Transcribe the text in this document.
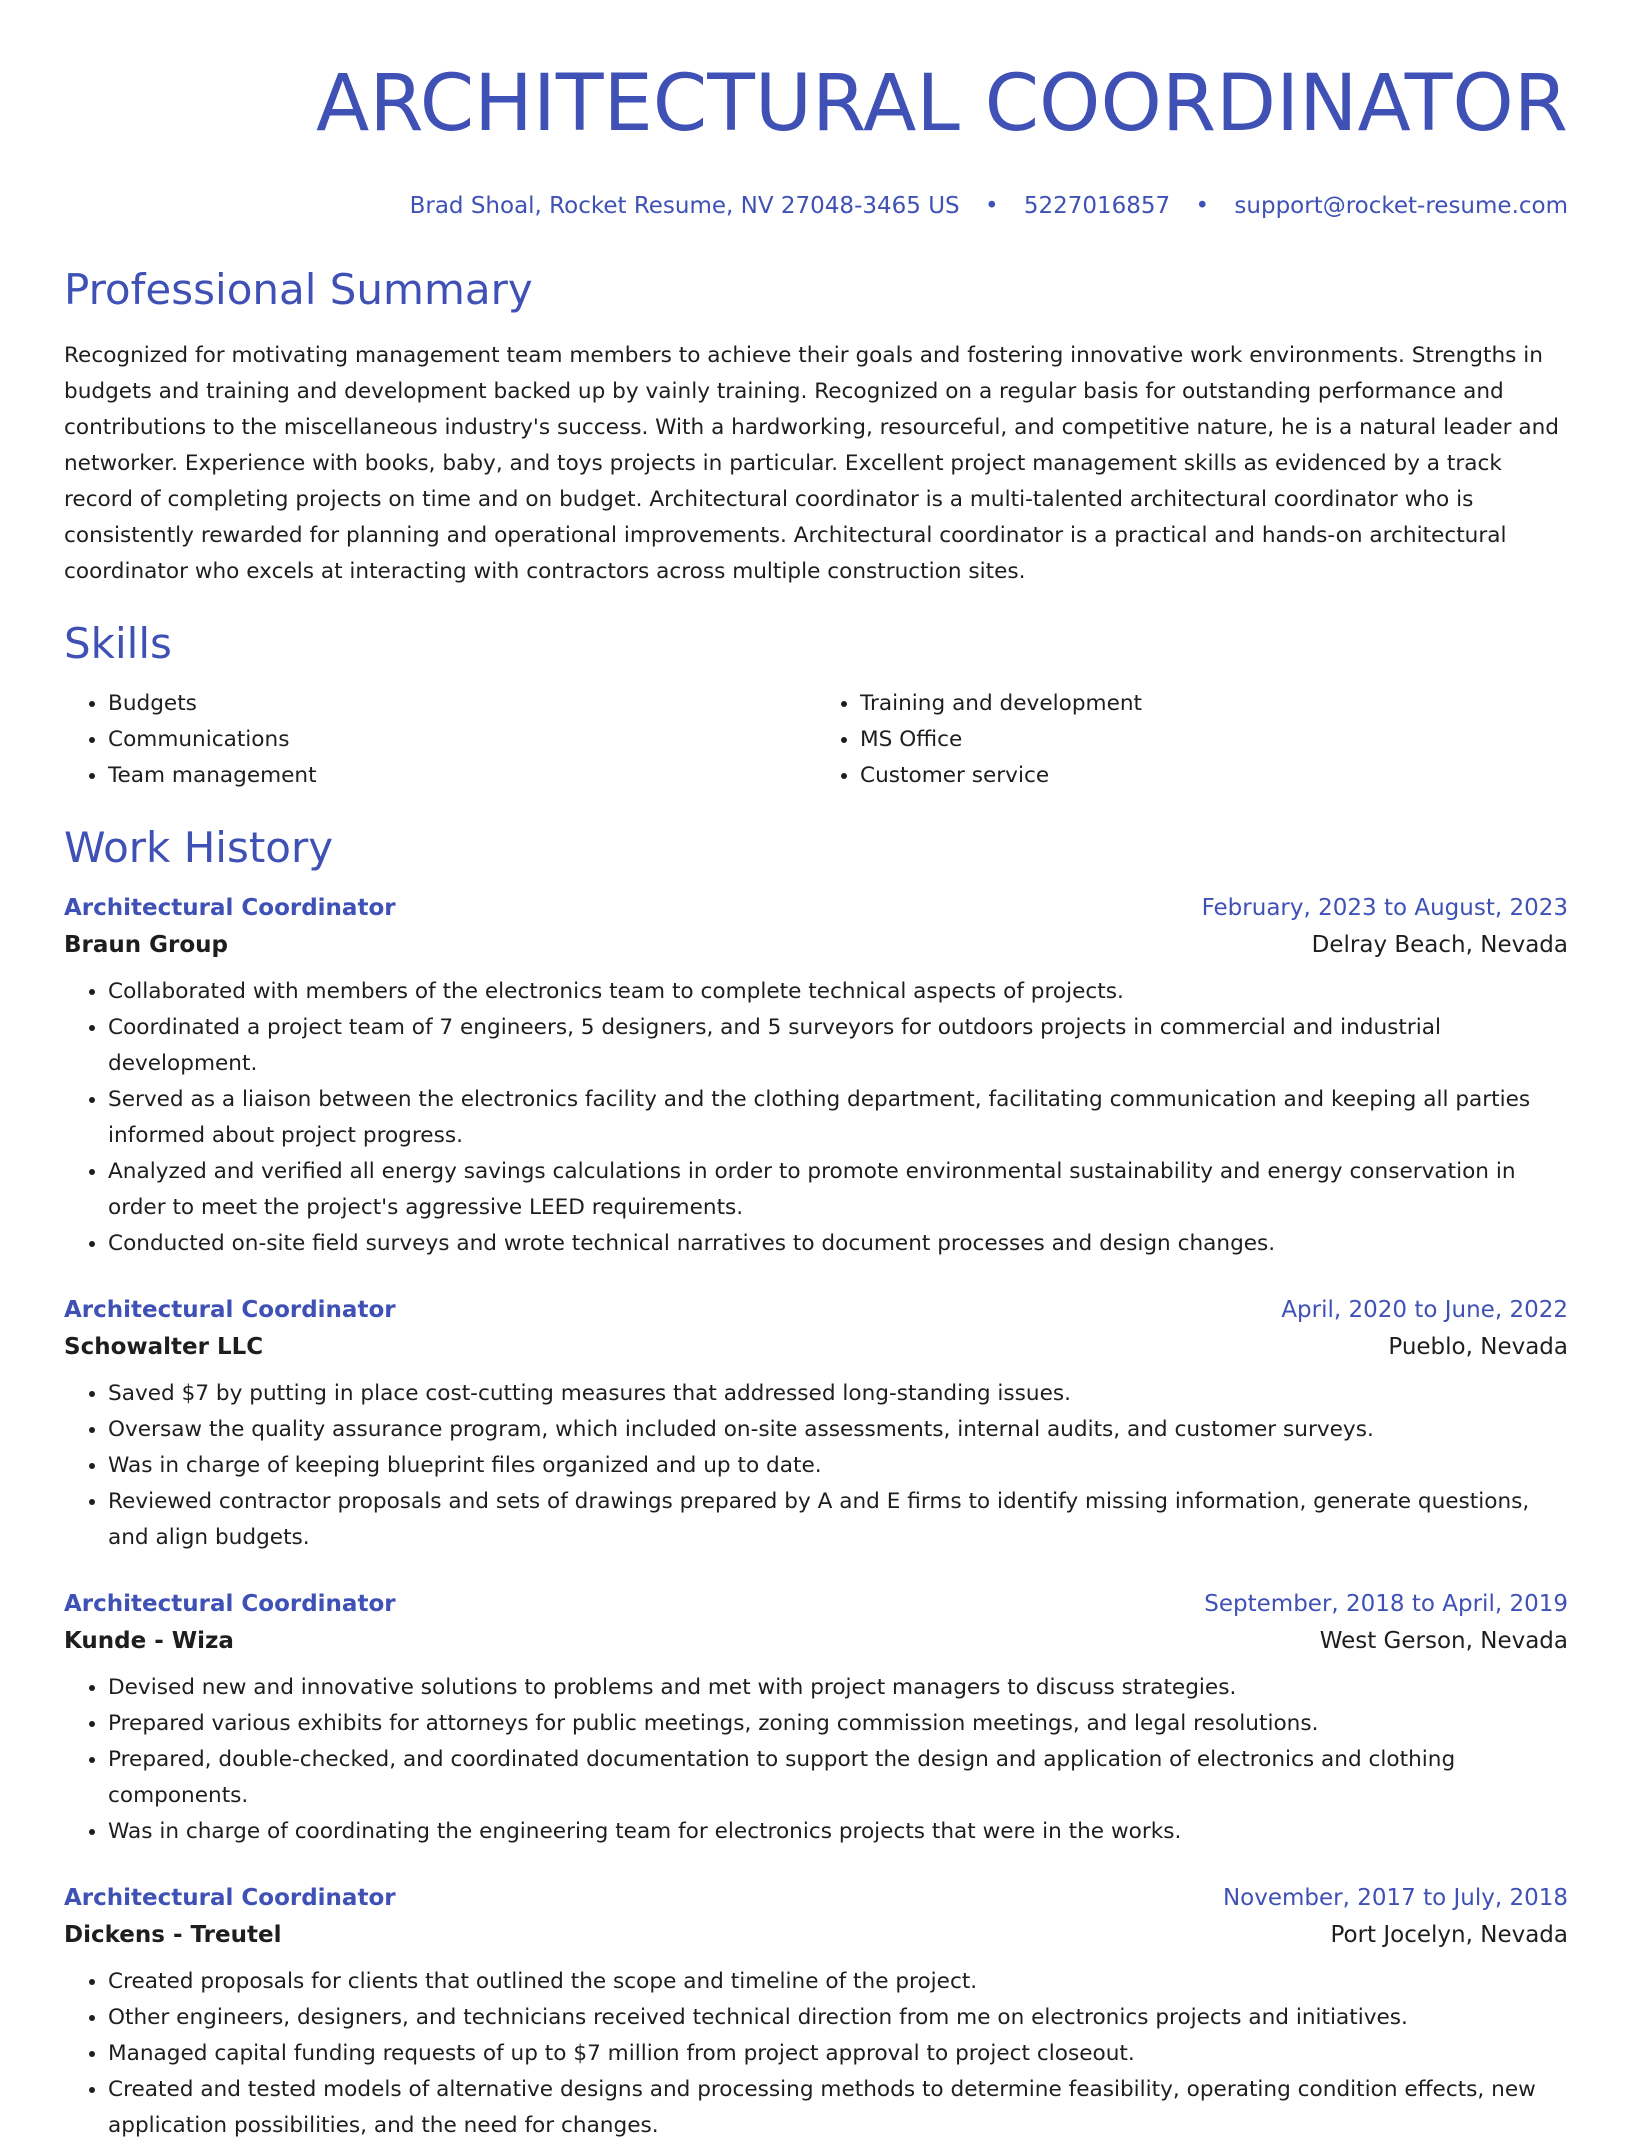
ARCHITECTURAL COORDINATOR
Brad Shoal, Rocket Resume, NV 27048-3465 US • 5227016857 • support@rocket-resume.com
Professional Summary

Recognized for motivating management team members to achieve their goals and fostering innovative work environments. Strengths in budgets and training and development backed up by vainly training. Recognized on a regular basis for outstanding performance and contributions to the miscellaneous industry's success. With a hardworking, resourceful, and competitive nature, he is a natural leader and networker. Experience with books, baby, and toys projects in particular. Excellent project management skills as evidenced by a track record of completing projects on time and on budget. Architectural coordinator is a multi-talented architectural coordinator who is consistently rewarded for planning and operational improvements. Architectural coordinator is a practical and hands-on architectural coordinator who excels at interacting with contractors across multiple construction sites.

Skills
• Budgets
• Communications
• Team management
• Training and development
• MS Office
• Customer service
Work History
Architectural Coordinator	February, 2023 to August, 2023
Braun Group	Delray Beach, Nevada
• Collaborated with members of the electronics team to complete technical aspects of projects.
• Coordinated a project team of 7 engineers, 5 designers, and 5 surveyors for outdoors projects in commercial and industrial development.
• Served as a liaison between the electronics facility and the clothing department, facilitating communication and keeping all parties informed about project progress.
• Analyzed and verified all energy savings calculations in order to promote environmental sustainability and energy conservation in order to meet the project's aggressive LEED requirements.
• Conducted on-site field surveys and wrote technical narratives to document processes and design changes.
Architectural Coordinator	April, 2020 to June, 2022
Schowalter LLC	Pueblo, Nevada
• Saved $7 by putting in place cost-cutting measures that addressed long-standing issues.
• Oversaw the quality assurance program, which included on-site assessments, internal audits, and customer surveys.
• Was in charge of keeping blueprint files organized and up to date.
• Reviewed contractor proposals and sets of drawings prepared by A and E firms to identify missing information, generate questions, and align budgets.
Architectural Coordinator	September, 2018 to April, 2019
Kunde - Wiza	West Gerson, Nevada
• Devised new and innovative solutions to problems and met with project managers to discuss strategies.
• Prepared various exhibits for attorneys for public meetings, zoning commission meetings, and legal resolutions.
• Prepared, double-checked, and coordinated documentation to support the design and application of electronics and clothing components.
• Was in charge of coordinating the engineering team for electronics projects that were in the works.
Architectural Coordinator	November, 2017 to July, 2018
Dickens - Treutel	Port Jocelyn, Nevada
• Created proposals for clients that outlined the scope and timeline of the project.
• Other engineers, designers, and technicians received technical direction from me on electronics projects and initiatives.
• Managed capital funding requests of up to $7 million from project approval to project closeout.
• Created and tested models of alternative designs and processing methods to determine feasibility, operating condition effects, new application possibilities, and the need for changes.
